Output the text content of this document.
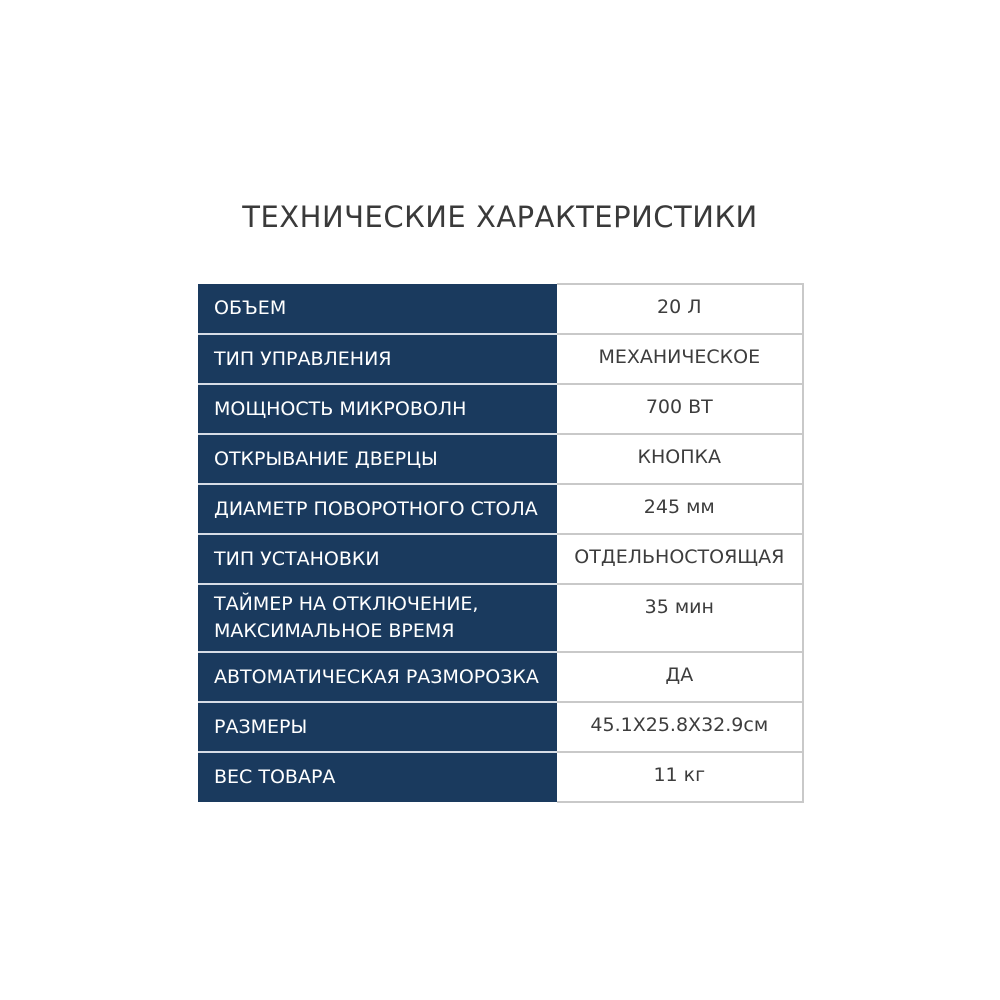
ТЕХНИЧЕСКИЕ ХАРАКТЕРИСТИКИ
ОБЪЕМ	20 Л
ТИП УПРАВЛЕНИЯ	МЕХАНИЧЕСКОЕ
МОЩНОСТЬ МИКРОВОЛН	700 ВТ
ОТКРЫВАНИЕ ДВЕРЦЫ	КНОПКА
ДИАМЕТР ПОВОРОТНОГО СТОЛА	245 мм
ТИП УСТАНОВКИ	ОТДЕЛЬНОСТОЯЩАЯ

ТАЙМЕР НА ОТКЛЮЧЕНИЕ,
МАКСИМАЛЬНОЕ ВРЕМЯ	35 мин
АВТОМАТИЧЕСКАЯ РАЗМОРОЗКА	ДА
РАЗМЕРЫ	45.1Х25.8Х32.9см
ВЕС ТОВАРА	11 кг
